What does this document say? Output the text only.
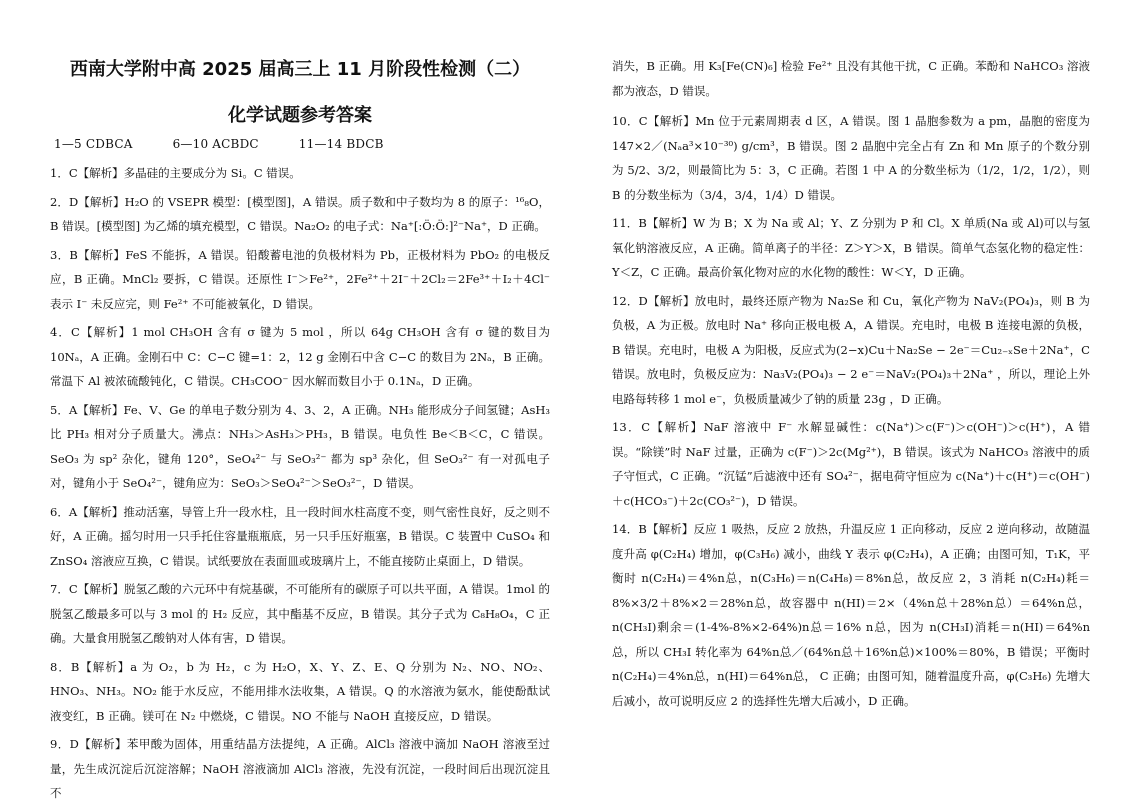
西南大学附中高 2025 届高三上 11 月阶段性检测（二）
化学试题参考答案
1—5 CDBCA	6—10 ACBDC	11—14 BDCB
1．C【解析】多晶硅的主要成分为 Si。C 错误。
2．D【解析】H₂O 的 VSEPR 模型：[模型图]，A 错误。质子数和中子数均为 8 的原子：¹⁶₈O，B 错误。[模型图] 为乙烯的填充模型，C 错误。Na₂O₂ 的电子式：Na⁺[:Ö:Ö:]²⁻Na⁺，D 正确。
3．B【解析】FeS 不能拆，A 错误。铅酸蓄电池的负极材料为 Pb，正极材料为 PbO₂ 的电极反应，B 正确。MnCl₂ 要拆，C 错误。还原性 I⁻＞Fe²⁺，2Fe²⁺＋2I⁻＋2Cl₂＝2Fe³⁺＋I₂＋4Cl⁻ 表示 I⁻ 未反应完，则 Fe²⁺ 不可能被氧化，D 错误。
4．C【解析】1 mol CH₃OH 含有 σ 键为 5 mol ，所以 64g CH₃OH 含有 σ 键的数目为 10Nₐ，A 正确。金刚石中 C：C−C 键=1：2，12 g 金刚石中含 C−C 的数目为 2Nₐ，B 正确。常温下 Al 被浓硫酸钝化，C 错误。CH₃COO⁻ 因水解而数目小于 0.1Nₐ，D 正确。
5．A【解析】Fe、V、Ge 的单电子数分别为 4、3、2，A 正确。NH₃ 能形成分子间氢键；AsH₃ 比 PH₃ 相对分子质量大。沸点：NH₃＞AsH₃＞PH₃，B 错误。电负性 Be＜B＜C，C 错误。SeO₃ 为 sp² 杂化，键角 120°，SeO₄²⁻ 与 SeO₃²⁻ 都为 sp³ 杂化，但 SeO₃²⁻ 有一对孤电子对，键角小于 SeO₄²⁻，键角应为：SeO₃＞SeO₄²⁻＞SeO₃²⁻，D 错误。
6．A【解析】推动活塞，导管上升一段水柱，且一段时间水柱高度不变，则气密性良好，反之则不好，A 正确。摇匀时用一只手托住容量瓶瓶底，另一只手压好瓶塞，B 错误。C 装置中 CuSO₄ 和 ZnSO₄ 溶液应互换，C 错误。试纸要放在表面皿或玻璃片上，不能直接防止桌面上，D 错误。
7．C【解析】脱氢乙酸的六元环中有烷基碳，不可能所有的碳原子可以共平面，A 错误。1mol 的脱氢乙酸最多可以与 3 mol 的 H₂ 反应，其中酯基不反应，B 错误。其分子式为 C₈H₈O₄，C 正确。大量食用脱氢乙酸钠对人体有害，D 错误。
8．B【解析】a 为 O₂，b 为 H₂，c 为 H₂O，X、Y、Z、E、Q 分别为 N₂、NO、NO₂、HNO₃、NH₃。NO₂ 能于水反应，不能用排水法收集，A 错误。Q 的水溶液为氨水，能使酚酞试液变红，B 正确。镁可在 N₂ 中燃烧，C 错误。NO 不能与 NaOH 直接反应，D 错误。
9．D【解析】苯甲酸为固体，用重结晶方法提纯，A 正确。AlCl₃ 溶液中滴加 NaOH 溶液至过量，先生成沉淀后沉淀溶解；NaOH 溶液滴加 AlCl₃ 溶液，先没有沉淀，一段时间后出现沉淀且不
消失，B 正确。用 K₃[Fe(CN)₆] 检验 Fe²⁺ 且没有其他干扰，C 正确。苯酚和 NaHCO₃ 溶液都为液态，D 错误。
10．C【解析】Mn 位于元素周期表 d 区，A 错误。图 1 晶胞参数为 a pm，晶胞的密度为 147×2／(Nₐa³×10⁻³⁰) g/cm³，B 错误。图 2 晶胞中完全占有 Zn 和 Mn 原子的个数分别为 5/2、3/2，则最简比为 5：3，C 正确。若图 1 中 A 的分数坐标为（1/2，1/2，1/2），则 B 的分数坐标为（3/4，3/4，1/4）D 错误。
11．B【解析】W 为 B；X 为 Na 或 Al；Y、Z 分别为 P 和 Cl。X 单质(Na 或 Al)可以与氢氧化钠溶液反应，A 正确。简单离子的半径：Z＞Y＞X，B 错误。简单气态氢化物的稳定性：Y＜Z，C 正确。最高价氧化物对应的水化物的酸性：W＜Y，D 正确。
12．D【解析】放电时，最终还原产物为 Na₂Se 和 Cu，氧化产物为 NaV₂(PO₄)₃，则 B 为负极，A 为正极。放电时 Na⁺ 移向正极电极 A，A 错误。充电时，电极 B 连接电源的负极，B 错误。充电时，电极 A 为阳极，反应式为(2−x)Cu＋Na₂Se − 2e⁻＝Cu₂₋ₓSe＋2Na⁺，C 错误。放电时，负极反应为：Na₃V₂(PO₄)₃ − 2 e⁻＝NaV₂(PO₄)₃＋2Na⁺ ，所以，理论上外电路每转移 1 mol e⁻，负极质量减少了钠的质量 23g ，D 正确。
13．C【解析】NaF 溶液中 F⁻ 水解显碱性：c(Na⁺)＞c(F⁻)＞c(OH⁻)＞c(H⁺)，A 错误。“除镁”时 NaF 过量，正确为 c(F⁻)＞2c(Mg²⁺)，B 错误。该式为 NaHCO₃ 溶液中的质子守恒式，C 正确。“沉锰”后滤液中还有 SO₄²⁻，据电荷守恒应为 c(Na⁺)＋c(H⁺)＝c(OH⁻)＋c(HCO₃⁻)＋2c(CO₃²⁻)，D 错误。
14．B【解析】反应 1 吸热，反应 2 放热，升温反应 1 正向移动，反应 2 逆向移动，故随温度升高 φ(C₂H₄) 增加，φ(C₃H₆) 减小，曲线 Y 表示 φ(C₂H₄)，A 正确；由图可知，T₁K，平衡时 n(C₂H₄)＝4%n总，n(C₃H₆)＝n(C₄H₈)＝8%n总，故反应 2，3 消耗 n(C₂H₄)耗＝8%×3/2＋8%×2＝28%n总，故容器中 n(HI)＝2×（4%n总＋28%n总）＝64%n总，n(CH₃I)剩余＝(1-4%-8%×2-64%)n总＝16% n总，因为 n(CH₃I)消耗＝n(HI)＝64%n总，所以 CH₃I 转化率为 64%n总／(64%n总＋16%n总)×100%＝80%，B 错误；平衡时 n(C₂H₄)＝4%n总，n(HI)＝64%n总， C 正确；由图可知，随着温度升高，φ(C₃H₆) 先增大后减小，故可说明反应 2 的选择性先增大后减小，D 正确。
